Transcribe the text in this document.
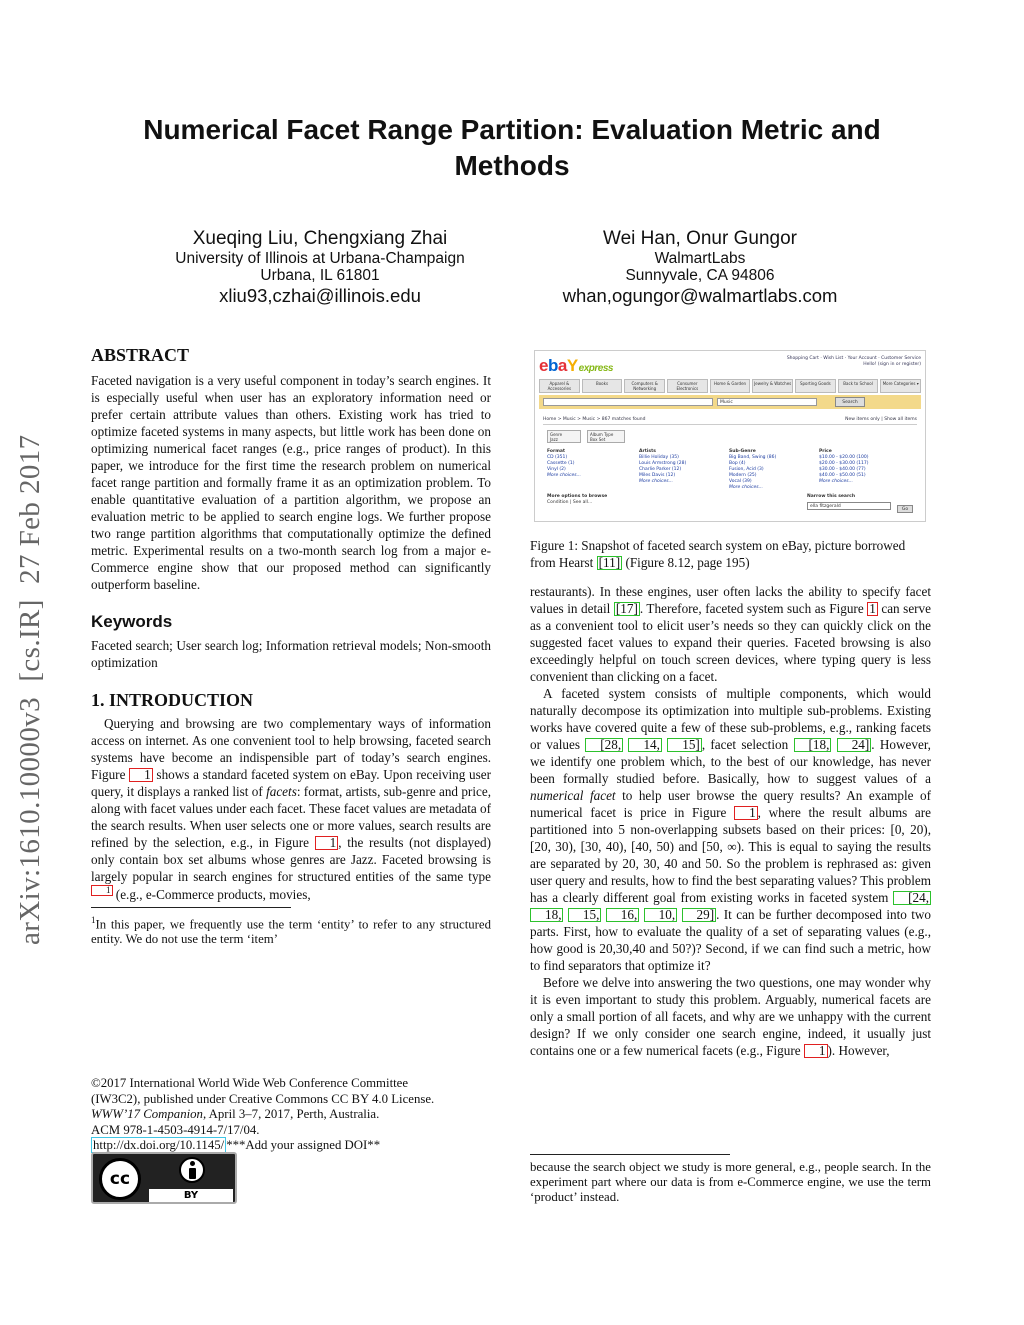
Numerical Facet Range Partition: Evaluation Metric and Methods
Xueqing Liu, Chengxiang Zhai
University of Illinois at Urbana-Champaign
Urbana, IL 61801
xliu93,czhai@illinois.edu
Wei Han, Onur Gungor
WalmartLabs
Sunnyvale, CA 94806
whan,ogungor@walmartlabs.com
arXiv:1610.10000v3  [cs.IR]  27 Feb 2017
ABSTRACT

Faceted navigation is a very useful component in today’s search engines. It is especially useful when user has an exploratory information need or prefer certain attribute values than others. Existing work has tried to optimize faceted systems in many aspects, but little work has been done on optimizing numerical facet ranges (e.g., price ranges of product). In this paper, we introduce for the first time the research problem on numerical facet range partition and formally frame it as an optimization problem. To enable quantitative evaluation of a partition algorithm, we propose an evaluation metric to be applied to search engine logs. We further propose two range partition algorithms that computationally optimize the defined metric. Experimental results on a two-month search log from a major e-Commerce engine show that our proposed method can significantly outperform baseline.

Keywords

Faceted search; User search log; Information retrieval models; Non-smooth optimization

1. INTRODUCTION

Querying and browsing are two complementary ways of information access on internet. As one convenient tool to help browsing, faceted search systems have become an indispensible part of today’s search engines. Figure 1 shows a standard faceted system on eBay. Upon receiving user query, it displays a ranked list of facets: format, artists, sub-genre and price, along with facet values under each facet. These facet values are metadata of the search results. When user selects one or more values, search results are refined by the selection, e.g., in Figure 1 , the results (not displayed) only contain box set albums whose genres are Jazz. Faceted browsing is largely popular in search engines for structured entities of the same type1 (e.g., e-Commerce products, movies,

$^1$In this paper, we frequently use the term ‘entity’ to refer to any structured entity. We do not use the term ‘item’

©2017 International World Wide Web Conference Committee
(IW3C2), published under Creative Commons CC BY 4.0 License.
WWW’17 Companion, April 3–7, 2017, Perth, Australia.
ACM 978-1-4503-4914-7/17/04.
http://dx.doi.org/10.1145/ ***Add your assigned DOI**
cc
BY
ebaYexpress
Shopping Cart · Wish List · Your Account · Customer Service
Hello! (sign in or register)
Apparel & Accessories
Books	Computers & Networking
Consumer Electronics
Home & Garden	Jewelry & Watches	Sporting Goods	Back to School	More Categories ▾
Music	Search
Home > Music > Music > 867 matches found	New items only | Show all items
Genre
Jazz
Album Type
Box Set
Format
CD (351)
Cassette (1)
Vinyl (2)
More choices...
Artists
Billie Holiday (35)
Louis Armstrong (28)
Charlie Parker (12)
Miles Davis (12)
More choices...
Sub-Genre
Big Band, Swing (86)
Bop (4)
Fusion, Acid (3)
Modern (25)
Vocal (39)
More choices...
Price
$10.00 - $20.00 (100)
$20.00 - $30.00 (117)
$30.00 - $40.00 (77)
$40.00 - $50.00 (51)
More choices...
More options to browse
Condition | See all...
Narrow this search
ella fitzgerald
Go
Figure 1: Snapshot of faceted search system on eBay, picture borrowed from Hearst [11] (Figure 8.12, page 195)

restaurants). In these engines, user often lacks the ability to specify facet values in detail [17] . Therefore, faceted system such as Figure 1 can serve as a convenient tool to elicit user’s needs so they can quickly click on the suggested facet values to expand their queries. Faceted browsing is also exceedingly helpful on touch screen devices, where typing query is less convenient than clicking on a facet.

A faceted system consists of multiple components, which would naturally decompose its optimization into multiple sub-problems. Existing works have covered quite a few of these sub-problems, e.g., ranking facets or values [28, 14, 15] , facet selection [18, 24] . However, we identify one problem which, to the best of our knowledge, has never been formally studied before. Basically, how to suggest values of a numerical facet to help user browse the query results? An example of numerical facet is price in Figure 1 , where the result albums are partitioned into 5 non-overlapping subsets based on their prices: [0, 20), [20, 30), [30, 40), [40, 50) and [50, ∞). This is equal to saying the results are separated by 20, 30, 40 and 50. So the problem is rephrased as: given user query and results, how to find the best separating values? This problem has a clearly different goal from existing works in faceted system [24, 18, 15, 16, 10, 29] . It can be further decomposed into two parts. First, how to evaluate the quality of a set of separating values (e.g., how good is 20,30,40 and 50?)? Second, if we can find such a metric, how to find separators that optimize it?

Before we delve into answering the two questions, one may wonder why it is even important to study this problem. Arguably, numerical facets are only a small portion of all facets, and why are we unhappy with the current design? If we only consider one search engine, indeed, it usually just contains one or a few numerical facets (e.g., Figure 1 ). However,

because the search object we study is more general, e.g., people search. In the experiment part where our data is from e-Commerce engine, we use the term ‘product’ instead.
